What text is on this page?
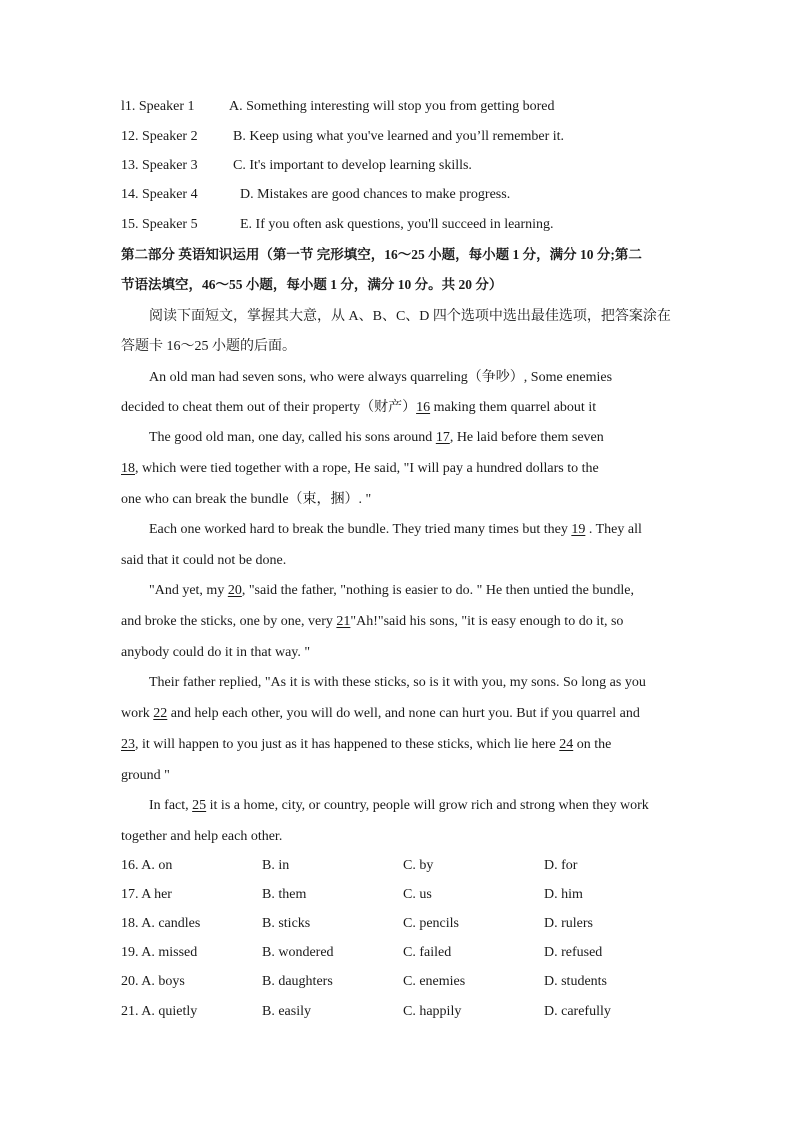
l1. Speaker 1 A. Something interesting will stop you from getting bored
12. Speaker 2	B. Keep using what you've learned and you’ll remember it.
13. Speaker 3	C. It's important to develop learning skills.
14. Speaker 4	D. Mistakes are good chances to make progress.
15. Speaker 5	E. If you often ask questions, you'll succeed in learning.
第二部分 英语知识运用（第一节 完形填空，16～25 小题，每小题 1 分，满分 10 分;第二
节语法填空，46～55 小题，每小题 1 分，满分 10 分。共 20 分）
阅读下面短文，掌握其大意，从 A、B、C、D 四个选项中选出最佳选项，把答案涂在
答题卡 16～25 小题的后面。
An old man had seven sons, who were always quarreling（争吵）, Some enemies
decided to cheat them out of their property（财产）16 making them quarrel about it
The good old man, one day, called his sons around 17, He laid before them seven
18, which were tied together with a rope, He said, "I will pay a hundred dollars to the
one who can break the bundle（束，捆）. "
Each one worked hard to break the bundle. They tried many times but they 19 . They all
said that it could not be done.
"And yet, my 20, "said the father, "nothing is easier to do. " He then untied the bundle,
and broke the sticks, one by one, very 21"Ah!"said his sons, "it is easy enough to do it, so
anybody could do it in that way. "
Their father replied, "As it is with these sticks, so is it with you, my sons. So long as you
work 22 and help each other, you will do well, and none can hurt you. But if you quarrel and
23, it will happen to you just as it has happened to these sticks, which lie here 24 on the
ground "
In fact, 25 it is a home, city, or country, people will grow rich and strong when they work
together and help each other.
16. A. on	B. in	C. by	D. for
17. A her	B. them	C. us	D. him
18. A. candles	B. sticks	C. pencils	D. rulers
19. A. missed	B. wondered	C. failed	D. refused
20. A. boys	B. daughters	C. enemies	D. students
21. A. quietly	B. easily	C. happily	D. carefully
